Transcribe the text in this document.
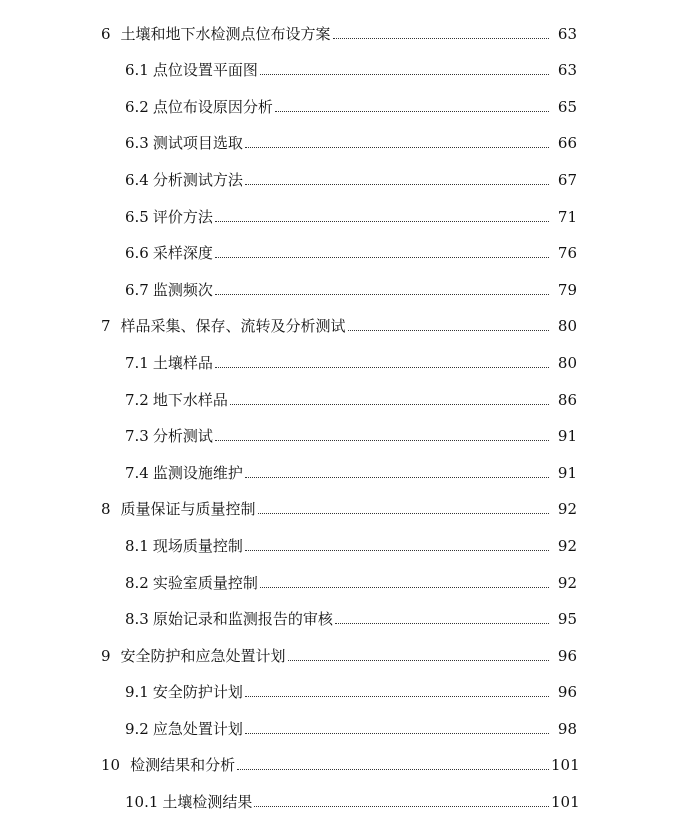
6 土壤和地下水检测点位布设方案	63
6.1 点位设置平面图	63
6.2 点位布设原因分析	65
6.3 测试项目选取	66
6.4 分析测试方法	67
6.5 评价方法	71
6.6 采样深度	76
6.7 监测频次	79
7 样品采集、保存、流转及分析测试	80
7.1 土壤样品	80
7.2 地下水样品	86
7.3 分析测试	91
7.4 监测设施维护	91
8 质量保证与质量控制	92
8.1 现场质量控制	92
8.2 实验室质量控制	92
8.3 原始记录和监测报告的审核	95
9 安全防护和应急处置计划	96
9.1 安全防护计划	96
9.2 应急处置计划	98
10 检测结果和分析	101
10.1 土壤检测结果	101
